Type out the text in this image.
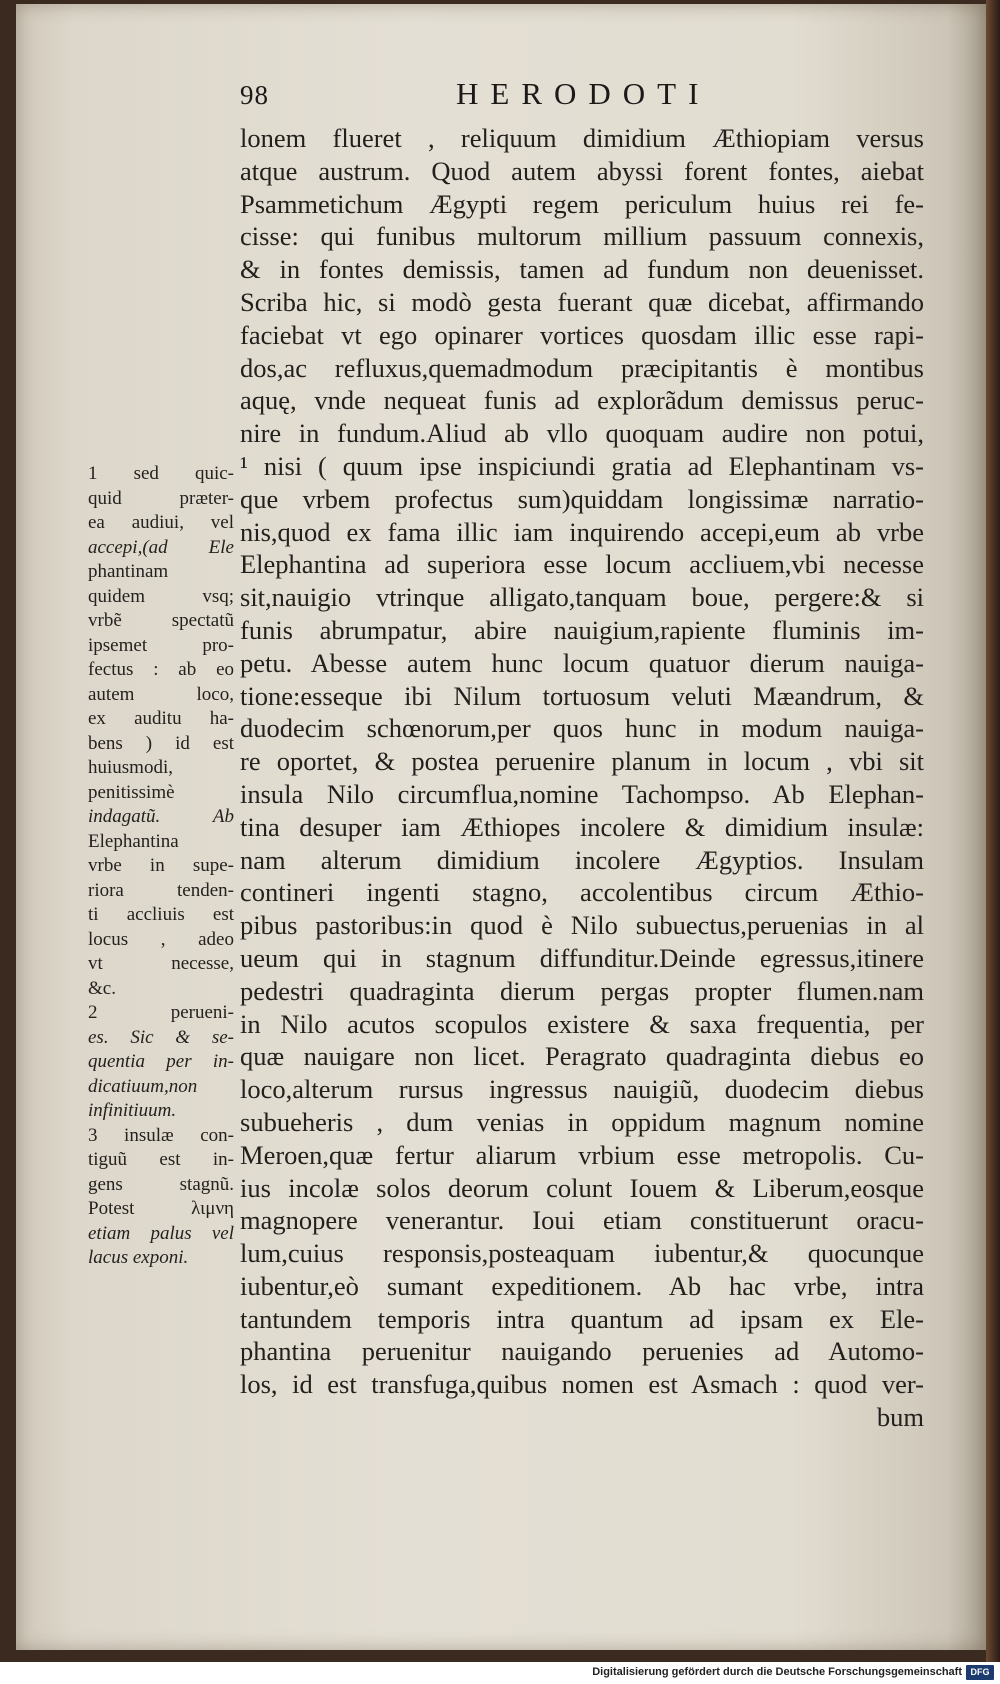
98	HERODOTI
lonem flueret , reliquum dimidium Æthiopiam versus
atque austrum. Quod autem abyssi forent fontes, aiebat
Psammetichum Ægypti regem periculum huius rei fe-
cisse: qui funibus multorum millium passuum connexis,
& in fontes demissis, tamen ad fundum non deuenisset.
Scriba hic, si modò gesta fuerant quæ dicebat, affirmando
faciebat vt ego opinarer vortices quosdam illic esse rapi-
dos,ac refluxus,quemadmodum præcipitantis è montibus
aquę, vnde nequeat funis ad explorãdum demissus peruc-
nire in fundum.Aliud ab vllo quoquam audire non potui,
¹ nisi ( quum ipse inspiciundi gratia ad Elephantinam vs-
que vrbem profectus sum)quiddam longissimæ narratio-
nis,quod ex fama illic iam inquirendo accepi,eum ab vrbe
Elephantina ad superiora esse locum accliuem,vbi necesse
sit,nauigio vtrinque alligato,tanquam boue, pergere:& si
funis abrumpatur, abire nauigium,rapiente fluminis im-
petu. Abesse autem hunc locum quatuor dierum nauiga-
tione:esseque ibi Nilum tortuosum veluti Mæandrum, &
duodecim schœnorum,per quos hunc in modum nauiga-
re oportet, & postea peruenire planum in locum , vbi sit
insula Nilo circumflua,nomine Tachompso. Ab Elephan-
tina desuper iam Æthiopes incolere & dimidium insulæ:
nam alterum dimidium incolere Ægyptios. Insulam
contineri ingenti stagno, accolentibus circum Æthio-
pibus pastoribus:in quod è Nilo subuectus,peruenias in al
ueum qui in stagnum diffunditur.Deinde egressus,itinere
pedestri quadraginta dierum pergas propter flumen.nam
in Nilo acutos scopulos existere & saxa frequentia, per
quæ nauigare non licet. Peragrato quadraginta diebus eo
loco,alterum rursus ingressus nauigiũ, duodecim diebus
subueheris , dum venias in oppidum magnum nomine
Meroen,quæ fertur aliarum vrbium esse metropolis. Cu-
ius incolæ solos deorum colunt Iouem & Liberum,eosque
magnopere venerantur. Ioui etiam constituerunt oracu-
lum,cuius responsis,posteaquam iubentur,& quocunque
iubentur,eò sumant expeditionem. Ab hac vrbe, intra
tantundem temporis intra quantum ad ipsam ex Ele-
phantina peruenitur nauigando peruenies ad Automo-
los, id est transfuga,quibus nomen est Asmach : quod ver-
bum
1 sed quic-
quid præter-
ea audiui, vel
accepi,(ad Ele
phantinam
quidem vsq;
vrbẽ spectatũ
ipsemet pro-
fectus : ab eo
autem loco,
ex auditu ha-
bens ) id est
huiusmodi,
penitissimè
indagatũ. Ab
Elephantina
vrbe in supe-
riora tenden-
ti accliuis est
locus , adeo
vt necesse,
&c.
2 perueni-
es. Sic & se-
quentia per in-
dicatiuum,non
infinitiuum.
3 insulæ con-
tiguũ est in-
gens stagnũ.
Potest λιμνη
etiam palus vel
lacus exponi.
Digitalisierung gefördert durch die Deutsche Forschungsgemeinschaft DFG
